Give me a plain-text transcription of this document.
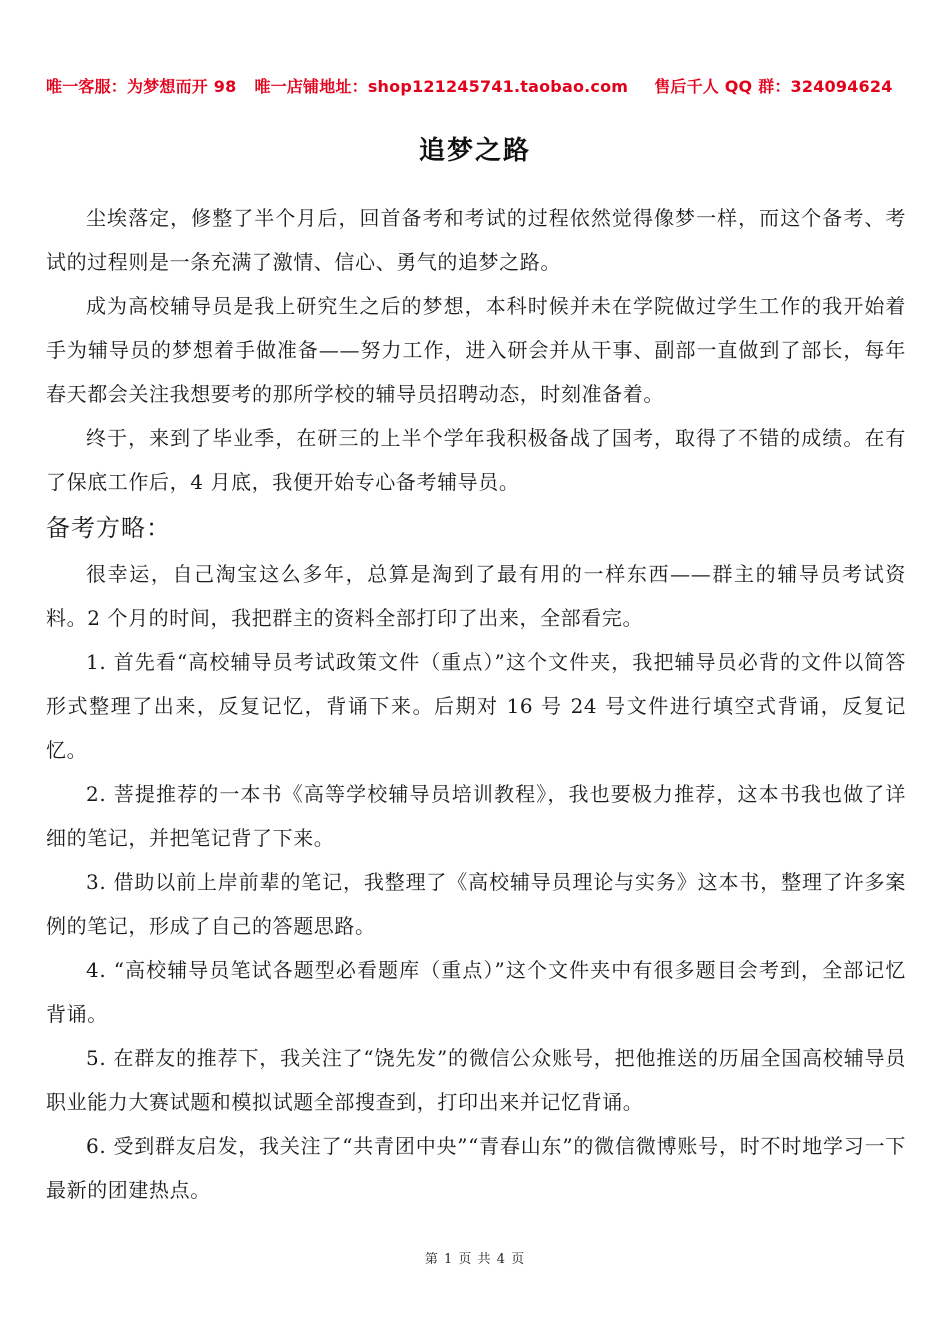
唯一客服：为梦想而开 98 唯一店铺地址：shop121245741.taobao.com 售后千人 QQ 群：324094624
追梦之路

尘埃落定，修整了半个月后，回首备考和考试的过程依然觉得像梦一样，而这个备考、考试的过程则是一条充满了激情、信心、勇气的追梦之路。

成为高校辅导员是我上研究生之后的梦想，本科时候并未在学院做过学生工作的我开始着手为辅导员的梦想着手做准备——努力工作，进入研会并从干事、副部一直做到了部长，每年春天都会关注我想要考的那所学校的辅导员招聘动态，时刻准备着。

终于，来到了毕业季，在研三的上半个学年我积极备战了国考，取得了不错的成绩。在有了保底工作后，4 月底，我便开始专心备考辅导员。

备考方略：

很幸运，自己淘宝这么多年，总算是淘到了最有用的一样东西——群主的辅导员考试资料。2 个月的时间，我把群主的资料全部打印了出来，全部看完。

1. 首先看“高校辅导员考试政策文件（重点）”这个文件夹，我把辅导员必背的文件以简答形式整理了出来，反复记忆，背诵下来。后期对 16 号 24 号文件进行填空式背诵，反复记忆。

2. 菩提推荐的一本书《高等学校辅导员培训教程》，我也要极力推荐，这本书我也做了详细的笔记，并把笔记背了下来。

3. 借助以前上岸前辈的笔记，我整理了《高校辅导员理论与实务》这本书，整理了许多案例的笔记，形成了自己的答题思路。

4. “高校辅导员笔试各题型必看题库（重点）”这个文件夹中有很多题目会考到，全部记忆背诵。

5. 在群友的推荐下，我关注了“饶先发”的微信公众账号，把他推送的历届全国高校辅导员职业能力大赛试题和模拟试题全部搜查到，打印出来并记忆背诵。

6. 受到群友启发，我关注了“共青团中央”“青春山东”的微信微博账号，时不时地学习一下最新的团建热点。

第 1 页 共 4 页
